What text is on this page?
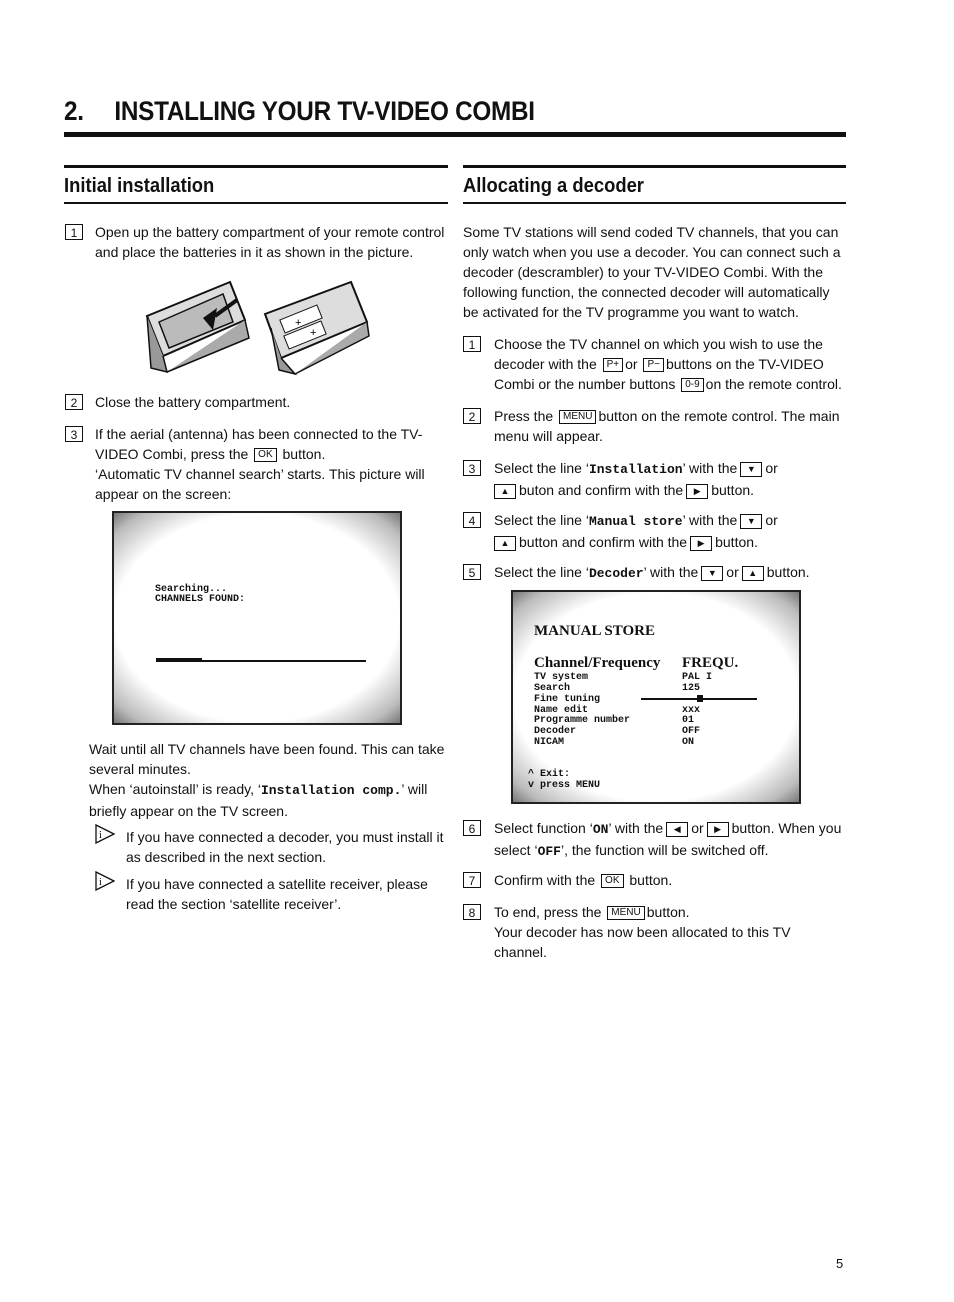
2. INSTALLING YOUR TV-VIDEO COMBI
Initial installation
1	Open up the battery compartment of your remote control and place the batteries in it as shown in the picture.
+
+
2	Close the battery compartment.
3	If the aerial (antenna) has been connected to the TV-VIDEO Combi, press the OK button.
‘Automatic TV channel search’ starts. This picture will appear on the screen:
Searching...
CHANNELS FOUND:
Wait until all TV channels have been found. This can take several minutes.
When ‘autoinstall’ is ready, ‘Installation comp.’ will briefly appear on the TV screen.
i If you have connected a decoder, you must install it as described in the next section.
i If you have connected a satellite receiver, please read the section ‘satellite receiver’.
Allocating a decoder
Some TV stations will send coded TV channels, that you can only watch when you use a decoder. You can connect such a decoder (descrambler) to your TV-VIDEO Combi. With the following function, the connected decoder will automatically be activated for the TV programme you want to watch.
1	Choose the TV channel on which you wish to use the decoder with the P+ or P− buttons on the TV-VIDEO Combi or the number buttons 0-9 on the remote control.
2	Press the MENU button on the remote control. The main menu will appear.
3	Select the line ‘Installation’ with the ▼ or
▲ buton and confirm with the ▶ button.
4	Select the line ‘Manual store’ with the ▼ or
▲ button and confirm with the ▶ button.
5	Select the line ‘Decoder’ with the ▼ or ▲ button.
MANUAL STORE
Channel/Frequency FREQU.
TV system	PAL I
Search	125
Fine tuning
Name edit	xxx
Programme number	01
Decoder	OFF
NICAM	ON
^ Exit:
v press MENU
6	Select function ‘ON’ with the ◀ or ▶ button. When you select ‘OFF’, the function will be switched off.
7	Confirm with the OK button.
8	To end, press the MENU button.
Your decoder has now been allocated to this TV channel.
5
